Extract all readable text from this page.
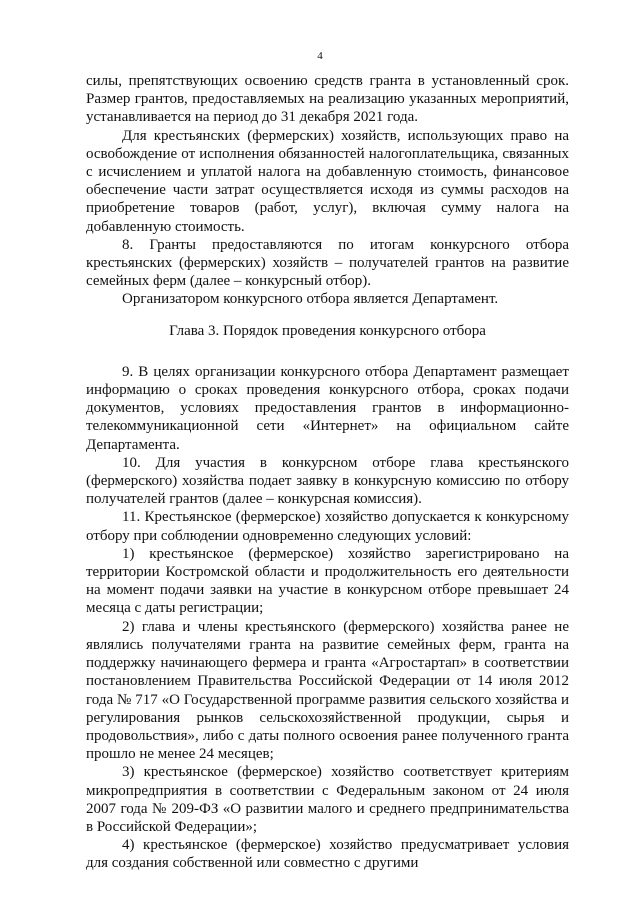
4

силы, препятствующих освоению средств гранта в установленный срок. Размер грантов, предоставляемых на реализацию указанных мероприятий, устанавливается на период до 31 декабря 2021 года.

Для крестьянских (фермерских) хозяйств, использующих право на освобождение от исполнения обязанностей налогоплательщика, связанных с исчислением и уплатой налога на добавленную стоимость, финансовое обеспечение части затрат осуществляется исходя из суммы расходов на приобретение товаров (работ, услуг), включая сумму налога на добавленную стоимость.

8. Гранты предоставляются по итогам конкурсного отбора крестьянских (фермерских) хозяйств – получателей грантов на развитие семейных ферм (далее – конкурсный отбор).

Организатором конкурсного отбора является Департамент.

Глава 3. Порядок проведения конкурсного отбора

9. В целях организации конкурсного отбора Департамент размещает информацию о сроках проведения конкурсного отбора, сроках подачи документов, условиях предоставления грантов в информационно-телекоммуникационной сети «Интернет» на официальном сайте Департамента.

10. Для участия в конкурсном отборе глава крестьянского (фермерского) хозяйства подает заявку в конкурсную комиссию по отбору получателей грантов (далее – конкурсная комиссия).

11. Крестьянское (фермерское) хозяйство допускается к конкурсному отбору при соблюдении одновременно следующих условий:

1) крестьянское (фермерское) хозяйство зарегистрировано на территории Костромской области и продолжительность его деятельности на момент подачи заявки на участие в конкурсном отборе превышает 24 месяца с даты регистрации;

2) глава и члены крестьянского (фермерского) хозяйства ранее не являлись получателями гранта на развитие семейных ферм, гранта на поддержку начинающего фермера и гранта «Агростартап» в соответствии постановлением Правительства Российской Федерации от 14 июля 2012 года № 717 «О Государственной программе развития сельского хозяйства и регулирования рынков сельскохозяйственной продукции, сырья и продовольствия», либо с даты полного освоения ранее полученного гранта прошло не менее 24 месяцев;

3) крестьянское (фермерское) хозяйство соответствует критериям микропредприятия в соответствии с Федеральным законом от 24 июля 2007 года № 209-ФЗ «О развитии малого и среднего предпринимательства в Российской Федерации»;

4) крестьянское (фермерское) хозяйство предусматривает условия для создания собственной или совместно с другими
